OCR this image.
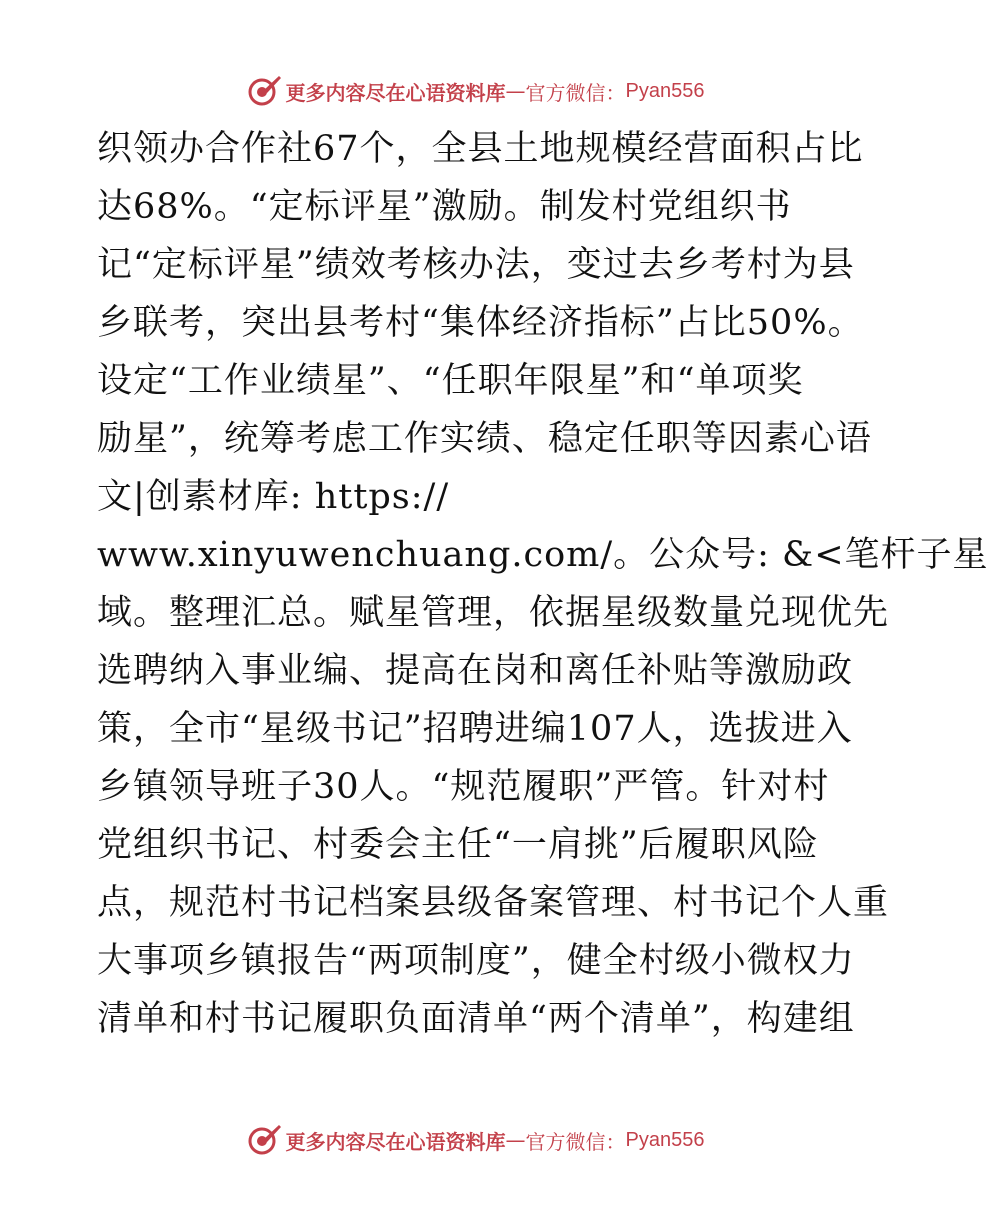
更多内容尽在心语资料库 — 官方微信： Pyan556
织领办合作社67个，全县土地规模经营面积占比
达68%。“定标评星”激励。制发村党组织书
记“定标评星”绩效考核办法，变过去乡考村为县
乡联考，突出县考村“集体经济指标”占比50%。
设定“工作业绩星”、“任职年限星”和“单项奖
励星”，统筹考虑工作实绩、稳定任职等因素心语
文|创素材库: https://
www.xinyuwenchuang.com/。公众号: &<笔杆子星
域。整理汇总。赋星管理，依据星级数量兑现优先
选聘纳入事业编、提高在岗和离任补贴等激励政
策，全市“星级书记”招聘进编107人，选拔进入
乡镇领导班子30人。“规范履职”严管。针对村
党组织书记、村委会主任“一肩挑”后履职风险
点，规范村书记档案县级备案管理、村书记个人重
大事项乡镇报告“两项制度”，健全村级小微权力
清单和村书记履职负面清单“两个清单”，构建组
更多内容尽在心语资料库 — 官方微信： Pyan556
